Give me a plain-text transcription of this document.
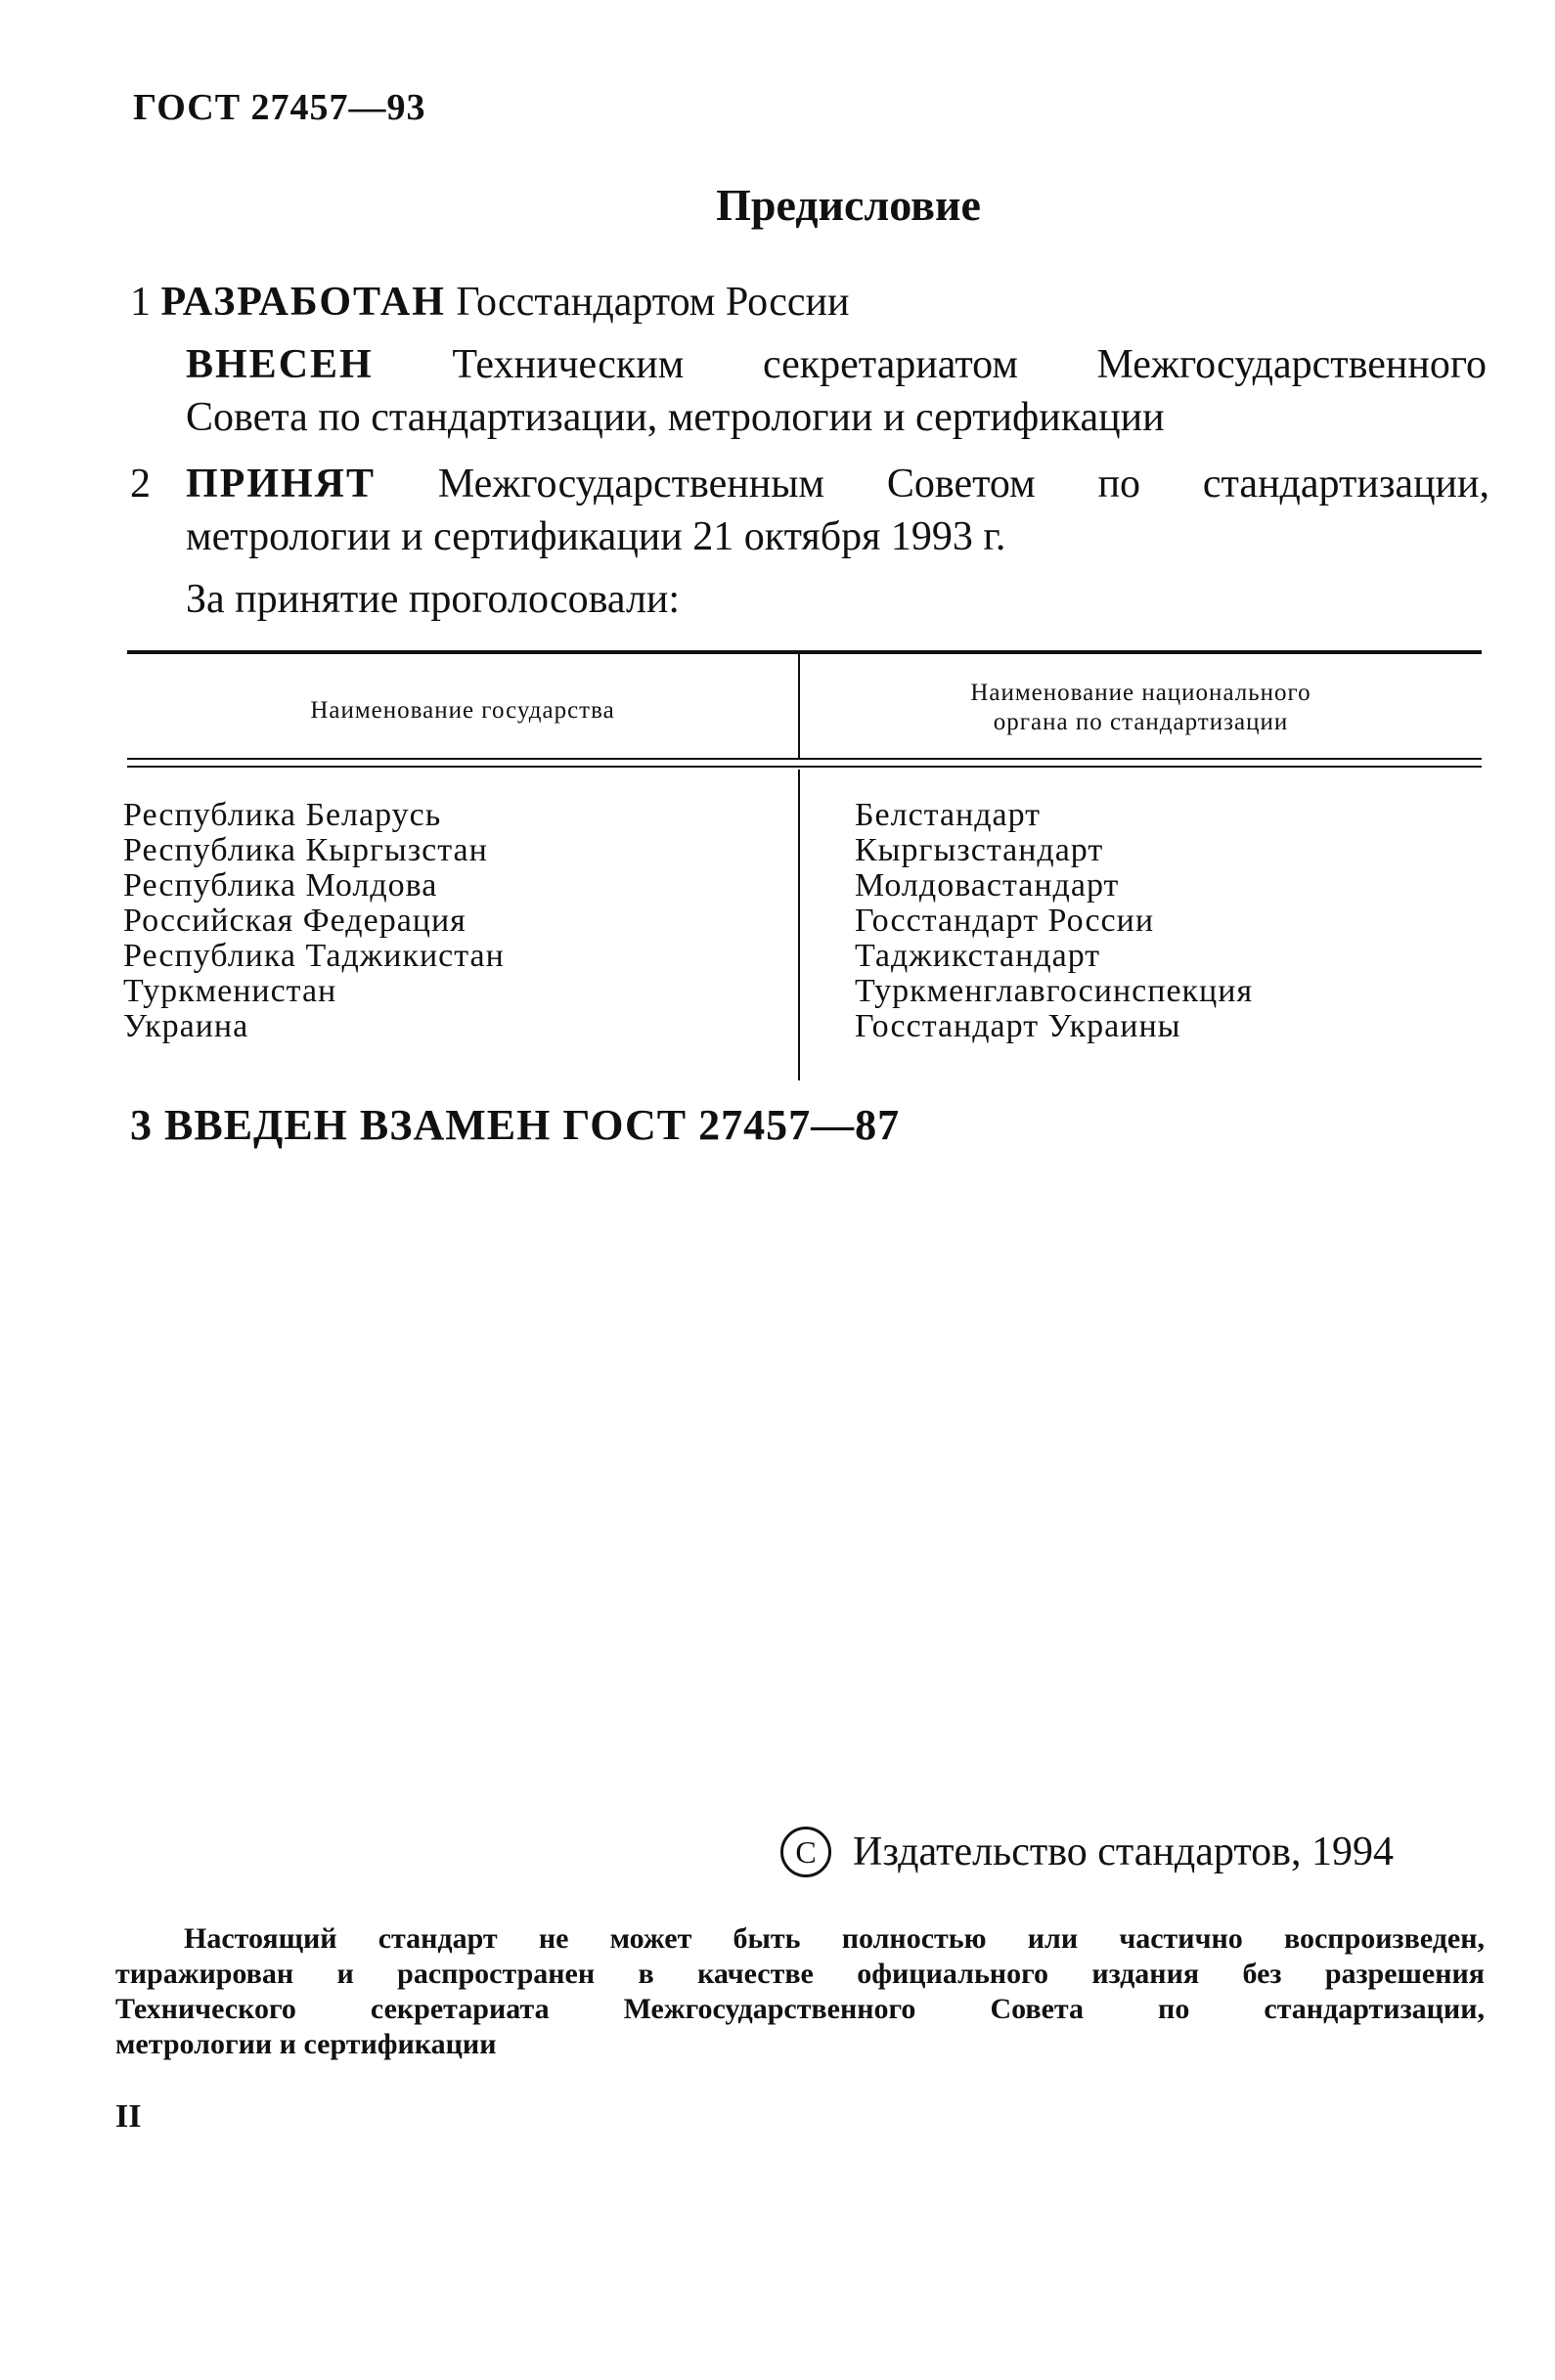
ГОСТ 27457—93
Предисловие
1 РАЗРАБОТАН Госстандартом России
ВНЕСЕН Техническим секретариатом Межгосударственного
Совета по стандартизации, метрологии и сертификации
2 ПРИНЯТ Межгосударственным Советом по стандартизации,
метрологии и сертификации 21 октября 1993 г.
За принятие проголосовали:
Наименование государства
Наименование национального
органа по стандартизации
Республика Беларусь
Республика Кыргызстан
Республика Молдова
Российская Федерация
Республика Таджикистан
Туркменистан
Украина
Белстандарт
Кыргызстандарт
Молдовастандарт
Госстандарт России
Таджикстандарт
Туркменглавгосинспекция
Госстандарт Украины
3 ВВЕДЕН ВЗАМЕН ГОСТ 27457—87
C Издательство стандартов, 1994
Настоящий стандарт не может быть полностью или частично воспроизведен,
тиражирован и распространен в качестве официального издания без разрешения
Технического секретариата Межгосударственного Совета по стандартизации,
метрологии и сертификации
II
